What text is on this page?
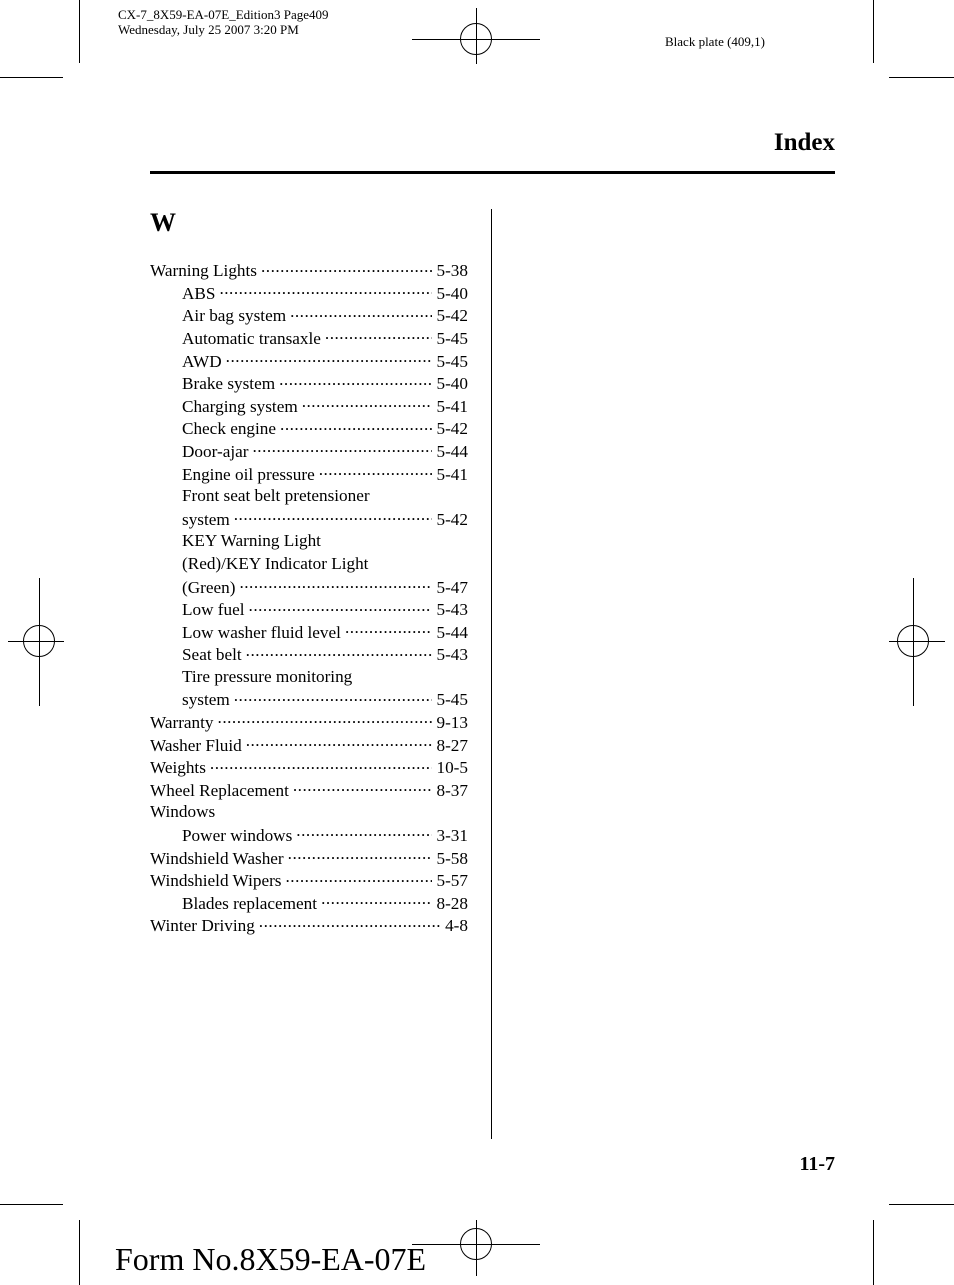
CX-7_8X59-EA-07E_Edition3 Page409
Wednesday, July 25 2007 3:20 PM
Black plate (409,1)
Index
W
Warning Lights .....	5-38
ABS .....	5-40
Air bag system .....	5-42
Automatic transaxle .....	5-45
AWD .....	5-45
Brake system .....	5-40
Charging system .....	5-41
Check engine .....	5-42
Door-ajar .....	5-44
Engine oil pressure .....	5-41
Front seat belt pretensioner
system .....	5-42
KEY Warning Light
(Red)/KEY Indicator Light
(Green) .....	5-47
Low fuel .....	5-43
Low washer fluid level .....	5-44
Seat belt .....	5-43
Tire pressure monitoring
system .....	5-45
Warranty .....	9-13
Washer Fluid .....	8-27
Weights .....	10-5
Wheel Replacement .....	8-37
Windows
Power windows .....	3-31
Windshield Washer .....	5-58
Windshield Wipers .....	5-57
Blades replacement .....	8-28
Winter Driving .....	4-8
11-7
Form No.8X59-EA-07E
